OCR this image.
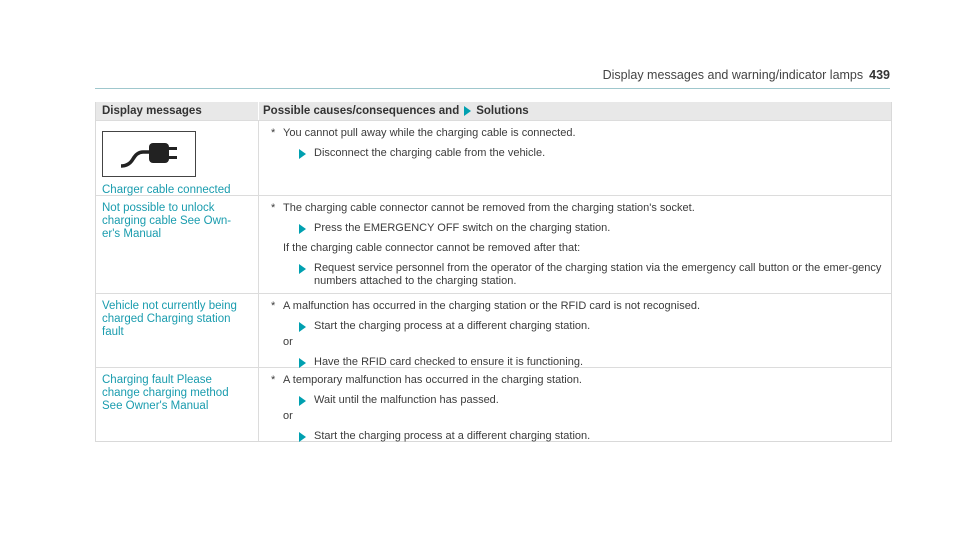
Display messages and warning/indicator lamps 439
Display messages	Possible causes/consequences and Solutions
Charger cable connected
* You cannot pull away while the charging cable is connected.
Disconnect the charging cable from the vehicle.
Not possible to unlock charging cable See Own-er's Manual
* The charging cable connector cannot be removed from the charging station's socket.
Press the EMERGENCY OFF switch on the charging station.
If the charging cable connector cannot be removed after that:
Request service personnel from the operator of the charging station via the emergency call button or the emer-gency numbers attached to the charging station.
Vehicle not currently being charged Charging station fault
* A malfunction has occurred in the charging station or the RFID card is not recognised.
Start the charging process at a different charging station.
or
Have the RFID card checked to ensure it is functioning.
Charging fault Please change charging method See Owner's Manual
* A temporary malfunction has occurred in the charging station.
Wait until the malfunction has passed.
or
Start the charging process at a different charging station.
